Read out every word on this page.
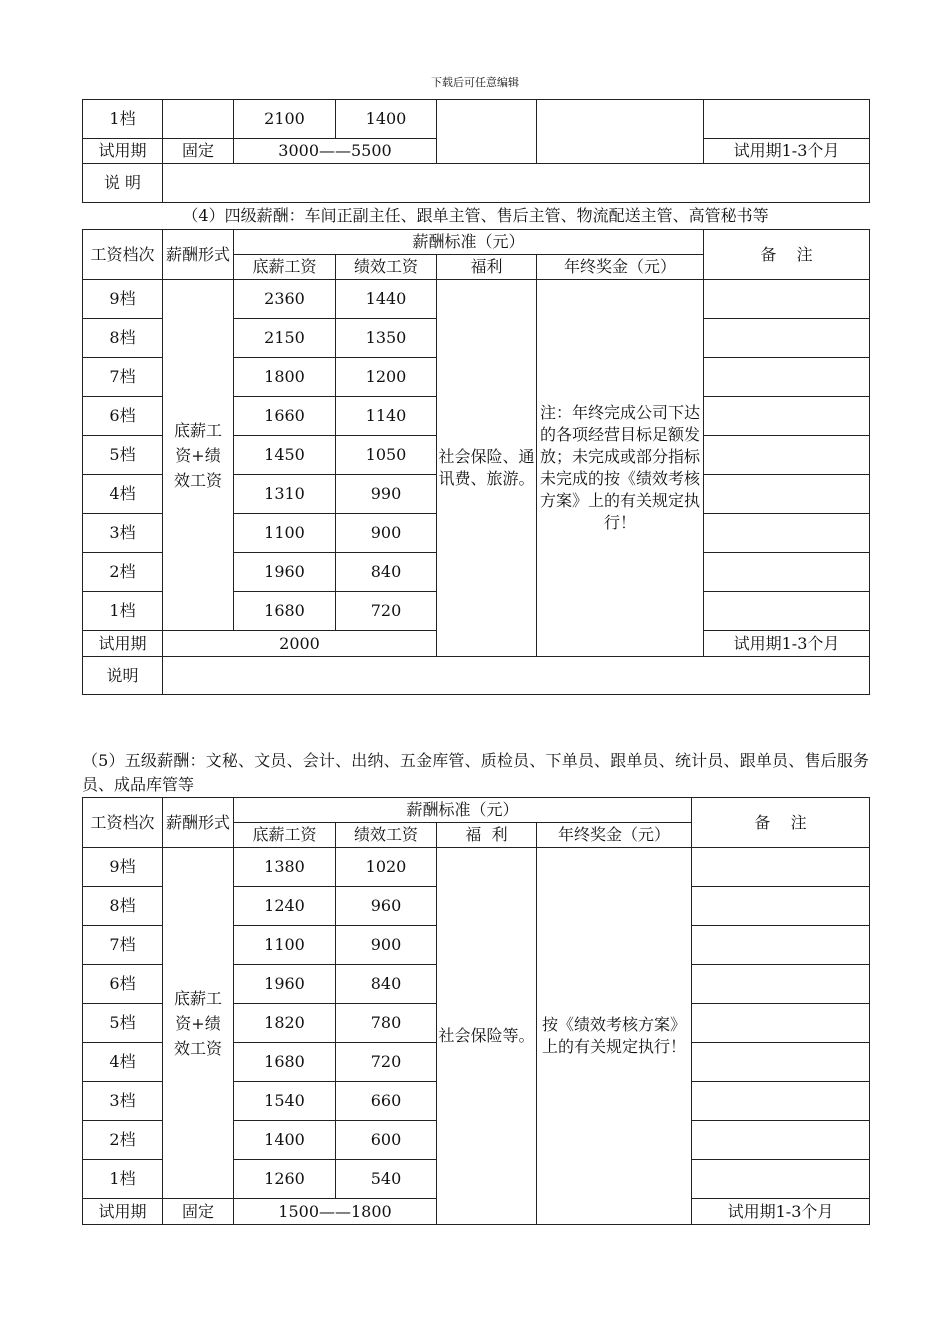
下载后可任意编辑
1档		2100	1400			
试用期	固定	3000——5500				试用期1-3个月
说 明						
（4）四级薪酬：车间正副主任、跟单主管、售后主管、物流配送主管、高管秘书等
工资档次	薪酬形式	薪酬标准（元）				备    注
		底薪工资	绩效工资	福利	年终奖金（元）	
9档	底薪工资+绩效工资	2360	1440	社会保险、通讯费、旅游。	注：年终完成公司下达的各项经营目标足额发放；未完成或部分指标未完成的按《绩效考核方案》上的有关规定执行！	
8档		2150	1350			
7档		1800	1200			
6档		1660	1140			
5档		1450	1050			
4档		1310	990			
3档		1100	900			
2档		1960	840			
1档		1680	720			
试用期	2000					试用期1-3个月
说明						
（5）五级薪酬：文秘、文员、会计、出纳、五金库管、质检员、下单员、跟单员、统计员、跟单员、售后服务员、成品库管等
工资档次	薪酬形式	薪酬标准（元）				备    注
		底薪工资	绩效工资	福  利	年终奖金（元）	
9档	底薪工资+绩效工资	1380	1020	社会保险等。	按《绩效考核方案》上的有关规定执行！	
8档		1240	960			
7档		1100	900			
6档		1960	840			
5档		1820	780			
4档		1680	720			
3档		1540	660			
2档		1400	600			
1档		1260	540			
试用期	固定	1500——1800				试用期1-3个月
